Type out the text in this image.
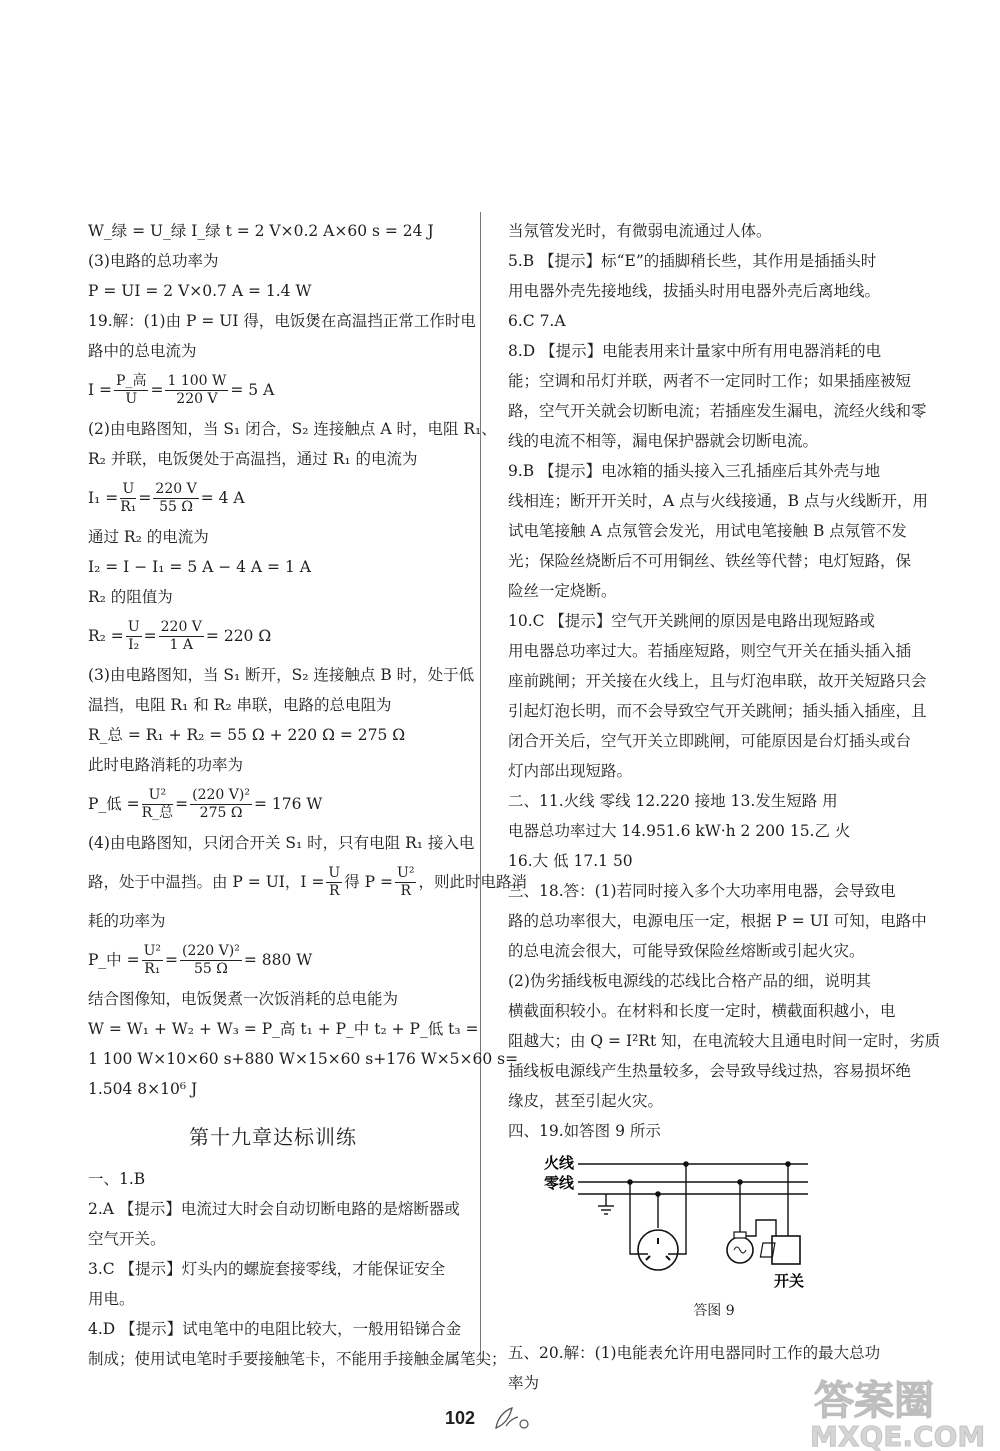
W_绿 = U_绿 I_绿 t = 2 V×0.2 A×60 s = 24 J
(3)电路的总功率为
P = UI = 2 V×0.7 A = 1.4 W
19.解：(1)由 P = UI 得，电饭煲在高温挡正常工作时电
路中的总电流为
$I = \frac{\text{P\_高}}{U} = \frac{1 100 W}{220 V} = 5$ A
(2)由电路图知，当 S₁ 闭合，S₂ 连接触点 A 时，电阻 R₁、
R₂ 并联，电饭煲处于高温挡，通过 R₁ 的电流为
$I_1 = \frac{U}{\text{R₁}} = \frac{220 V}{55 \Omega} = 4$ A
通过 R₂ 的电流为
I₂ = I − I₁ = 5 A − 4 A = 1 A
R₂ 的阻值为
$R_2 = \frac{U}{\text{I₂}} = \frac{220 V}{1 A} = 220$ Ω
(3)由电路图知，当 S₁ 断开，S₂ 连接触点 B 时，处于低
温挡，电阻 R₁ 和 R₂ 串联，电路的总电阻为
R_总 = R₁ + R₂ = 55 Ω + 220 Ω = 275 Ω
此时电路消耗的功率为
P_低 = $\frac{\text{U²}}{\text{R\_总}} = \frac{\text{(220 V)²}}{275 \Omega} = 176$ W
(4)由电路图知，只闭合开关 S₁ 时，只有电阻 R₁ 接入电
路，处于中温挡。由 P = UI，$I = \frac{U}{R}$ 得 $P = \frac{\text{U²}}{R}$ ，则此时电路消
耗的功率为
P_中 = $\frac{\text{U²}}{\text{R₁}} = \frac{\text{(220 V)²}}{55 \Omega} = 880$ W
结合图像知，电饭煲煮一次饭消耗的总电能为
W = W₁ + W₂ + W₃ = P_高 t₁ + P_中 t₂ + P_低 t₃ =
1 100 W×10×60 s+880 W×15×60 s+176 W×5×60 s=
1.504 8×10⁶ J
第十九章达标训练
一、1.B
2.A 【提示】电流过大时会自动切断电路的是熔断器或
空气开关。
3.C 【提示】灯头内的螺旋套接零线，才能保证安全
用电。
4.D 【提示】试电笔中的电阻比较大，一般用铅锑合金
制成；使用试电笔时手要接触笔卡，不能用手接触金属笔尖；
当氖管发光时，有微弱电流通过人体。
5.B 【提示】标“E”的插脚稍长些，其作用是插插头时
用电器外壳先接地线，拔插头时用电器外壳后离地线。
6.C 7.A
8.D 【提示】电能表用来计量家中所有用电器消耗的电
能；空调和吊灯并联，两者不一定同时工作；如果插座被短
路，空气开关就会切断电流；若插座发生漏电，流经火线和零
线的电流不相等，漏电保护器就会切断电流。
9.B 【提示】电冰箱的插头接入三孔插座后其外壳与地
线相连；断开开关时，A 点与火线接通，B 点与火线断开，用
试电笔接触 A 点氖管会发光，用试电笔接触 B 点氖管不发
光；保险丝烧断后不可用铜丝、铁丝等代替；电灯短路，保
险丝一定烧断。
10.C 【提示】空气开关跳闸的原因是电路出现短路或
用电器总功率过大。若插座短路，则空气开关在插头插入插
座前跳闸；开关接在火线上，且与灯泡串联，故开关短路只会
引起灯泡长明，而不会导致空气开关跳闸；插头插入插座，且
闭合开关后，空气开关立即跳闸，可能原因是台灯插头或台
灯内部出现短路。
二、11.火线 零线 12.220 接地 13.发生短路 用
电器总功率过大 14.951.6 kW·h 2 200 15.乙 火
16.大 低 17.1 50
三、18.答：(1)若同时接入多个大功率用电器，会导致电
路的总功率很大，电源电压一定，根据 P = UI 可知，电路中
的总电流会很大，可能导致保险丝熔断或引起火灾。
(2)伪劣插线板电源线的芯线比合格产品的细，说明其
横截面积较小。在材料和长度一定时，横截面积越小，电
阻越大；由 Q = I²Rt 知，在电流较大且通电时间一定时，劣质
插线板电源线产生热量较多，会导致导线过热，容易损坏绝
缘皮，甚至引起火灾。
四、19.如答图 9 所示
火线
零线
开关
答图 9
五、20.解：(1)电能表允许用电器同时工作的最大总功
率为
102	答案圈
MXQE.COM
